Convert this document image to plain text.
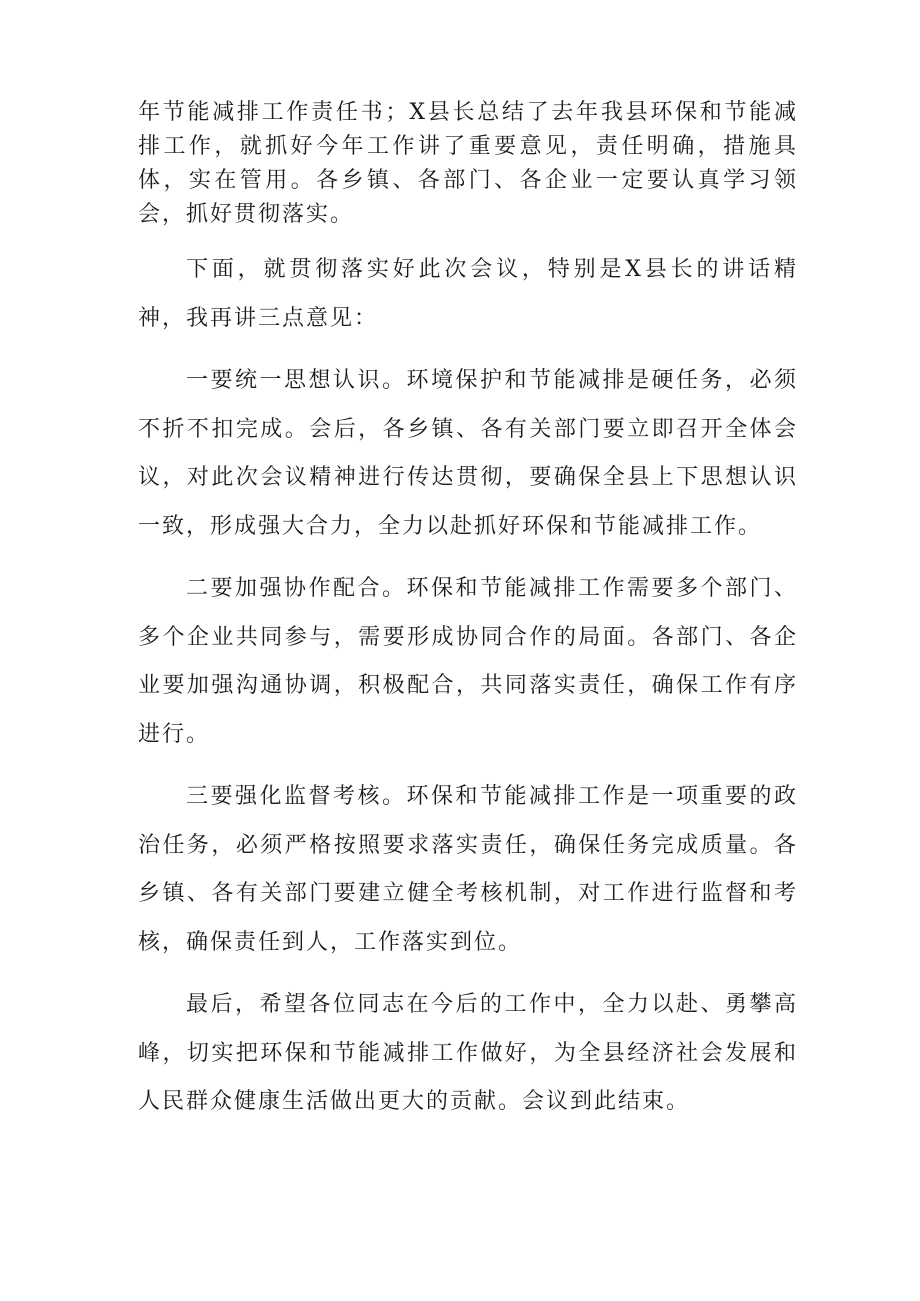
年节能减排工作责任书；X县长总结了去年我县环保和节能减排工作，就抓好今年工作讲了重要意见，责任明确，措施具体，实在管用。各乡镇、各部门、各企业一定要认真学习领会，抓好贯彻落实。

下面，就贯彻落实好此次会议，特别是X县长的讲话精神，我再讲三点意见：

一要统一思想认识。环境保护和节能减排是硬任务，必须不折不扣完成。会后，各乡镇、各有关部门要立即召开全体会议，对此次会议精神进行传达贯彻，要确保全县上下思想认识一致，形成强大合力，全力以赴抓好环保和节能减排工作。

二要加强协作配合。环保和节能减排工作需要多个部门、多个企业共同参与，需要形成协同合作的局面。各部门、各企业要加强沟通协调，积极配合，共同落实责任，确保工作有序进行。

三要强化监督考核。环保和节能减排工作是一项重要的政治任务，必须严格按照要求落实责任，确保任务完成质量。各乡镇、各有关部门要建立健全考核机制，对工作进行监督和考核，确保责任到人，工作落实到位。

最后，希望各位同志在今后的工作中，全力以赴、勇攀高峰，切实把环保和节能减排工作做好，为全县经济社会发展和人民群众健康生活做出更大的贡献。会议到此结束。
